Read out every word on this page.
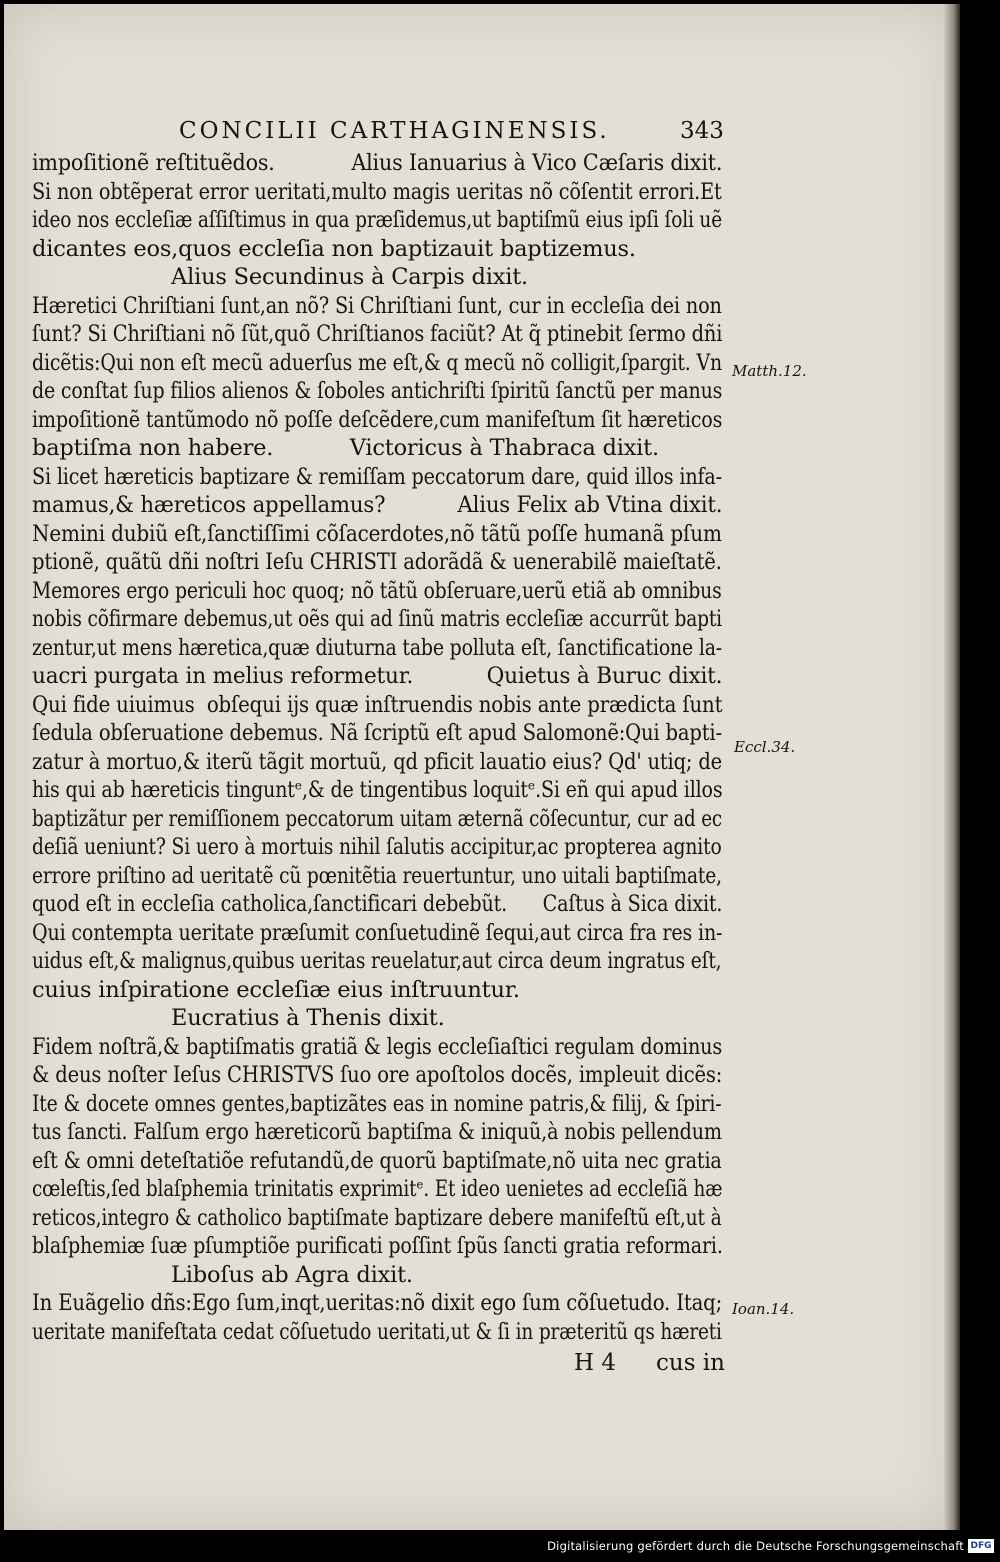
CONCILII CARTHAGINENSIS.	343
impoſitionẽ reſtituẽdos.            Alius Ianuarius à Vico Cæſaris dixit.
Si non obtẽperat error ueritati,multo magis ueritas nõ cõſentit errori.Et
ideo nos eccleſiæ aſſiſtimus in qua præſidemus,ut baptiſmũ eius ipſi ſoli uẽ
dicantes eos,quos eccleſia non baptizauit baptizemus.
Alius Secundinus à Carpis dixit.
Hæretici Chriſtiani ſunt,an nõ? Si Chriſtiani ſunt, cur in eccleſia dei non
ſunt? Si Chriſtiani nõ ſũt,quõ Chriſtianos faciũt? At q̃ ptinebit ſermo dñi
dicẽtis:Qui non eſt mecũ aduerſus me eſt,& q mecũ nõ colligit,ſpargit. Vn
de conſtat ſup filios alienos & ſoboles antichriſti ſpiritũ ſanctũ per manus
impoſitionẽ tantũmodo nõ poſſe deſcẽdere,cum manifeſtum ſit hæreticos
baptiſma non habere.           Victoricus à Thabraca dixit.
Si licet hæreticis baptizare & remiſſam peccatorum dare, quid illos infa-
mamus,& hæreticos appellamus?           Alius Felix ab Vtina dixit.
Nemini dubiũ eſt,ſanctiſſimi cõſacerdotes,nõ tãtũ poſſe humanã pſum
ptionẽ, quãtũ dñi noſtri Ieſu CHRISTI adorãdã & uenerabilẽ maieſtatẽ.
Memores ergo periculi hoc quoq; nõ tãtũ obſeruare,uerũ etiã ab omnibus
nobis cõfirmare debemus,ut oẽs qui ad ſinũ matris eccleſiæ accurrũt bapti
zentur,ut mens hæretica,quæ diuturna tabe polluta eſt, ſanctificatione la-
uacri purgata in melius reformetur.           Quietus à Buruc dixit.
Qui fide uiuimus  obſequi ijs quæ inſtruendis nobis ante prædicta ſunt
ſedula obſeruatione debemus. Nã ſcriptũ eſt apud Salomonẽ:Qui bapti-
zatur à mortuo,& iterũ tãgit mortuũ, qd pficit lauatio eius? Qd' utiq; de
his qui ab hæreticis tinguntᵉ,& de tingentibus loquitᵉ.Si eñ qui apud illos
baptizãtur per remiſſionem peccatorum uitam æternã cõſecuntur, cur ad ec
deſiã ueniunt? Si uero à mortuis nihil ſalutis accipitur,ac propterea agnito
errore priſtino ad ueritatẽ cũ pœnitẽtia reuertuntur, uno uitali baptiſmate,
quod eſt in eccleſia catholica,ſanctificari debebũt.      Caſtus à Sica dixit.
Qui contempta ueritate præſumit conſuetudinẽ ſequi,aut circa fra res in-
uidus eſt,& malignus,quibus ueritas reuelatur,aut circa deum ingratus eſt,
cuius inſpiratione eccleſiæ eius inſtruuntur.
Eucratius à Thenis dixit.
Fidem noſtrã,& baptiſmatis gratiã & legis eccleſiaſtici regulam dominus
& deus noſter Ieſus CHRISTVS ſuo ore apoſtolos docẽs, impleuit dicẽs:
Ite & docete omnes gentes,baptizãtes eas in nomine patris,& filij, & ſpiri-
tus ſancti. Falſum ergo hæreticorũ baptiſma & iniquũ,à nobis pellendum
eſt & omni deteſtatiõe refutandũ,de quorũ baptiſmate,nõ uita nec gratia
cœleſtis,ſed blaſphemia trinitatis exprimitᵉ. Et ideo uenietes ad eccleſiã hæ
reticos,integro & catholico baptiſmate baptizare debere manifeſtũ eſt,ut à
blaſphemiæ ſuæ pſumptiõe purificati poſſint ſpũs ſancti gratia reformari.
Liboſus ab Agra dixit.
In Euãgelio dñs:Ego ſum,inqt,ueritas:nõ dixit ego ſum cõſuetudo. Itaq;
ueritate manifeſtata cedat cõſuetudo ueritati,ut & ſi in præteritũ qs hæreti
Matth.12.
Eccl.34.
Ioan.14.
H 4 cus in
Digitalisierung gefördert durch die Deutsche Forschungsgemeinschaft DFG
